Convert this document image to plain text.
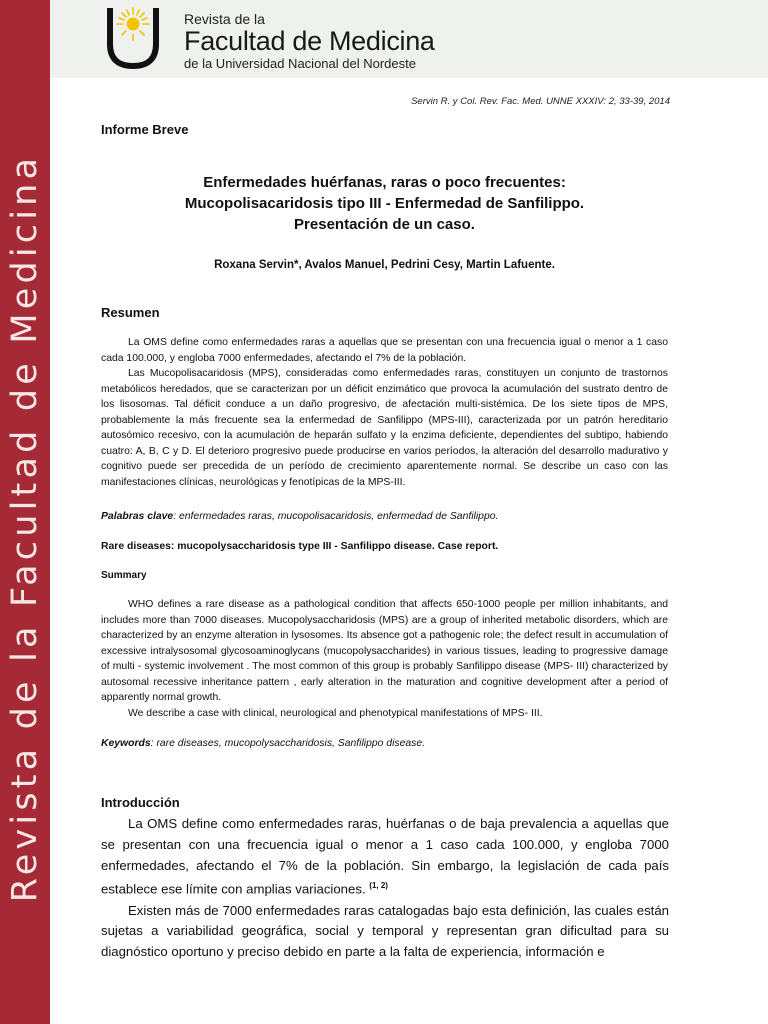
Revista de la Facultad de Medicina
Revista de la
Facultad de Medicina
de la Universidad Nacional del Nordeste
Servin R. y Col. Rev. Fac. Med. UNNE XXXIV: 2, 33-39, 2014
Informe Breve
Enfermedades huérfanas, raras o poco frecuentes:
Mucopolisacaridosis tipo III - Enfermedad de Sanfilippo.
Presentación de un caso.
Roxana Servin*, Avalos Manuel, Pedrini Cesy, Martin Lafuente.
Resumen

La OMS define como enfermedades raras a aquellas que se presentan con una frecuencia igual o menor a 1 caso cada 100.000, y engloba 7000 enfermedades, afectando el 7% de la población.

Las Mucopolisacaridosis (MPS), consideradas como enfermedades raras, constituyen un conjunto de trastornos metabólicos heredados, que se caracterizan por un déficit enzimático que provoca la acumulación del sustrato dentro de los lisosomas. Tal déficit conduce a un daño progresivo, de afectación multi-sistémica. De los siete tipos de MPS, probablemente la más frecuente sea la enfermedad de Sanfilippo (MPS-III), caracterizada por un patrón hereditario autosómico recesivo, con la acumulación de heparán sulfato y la enzima deficiente, dependientes del subtipo, habiendo cuatro: A, B, C y D. El deterioro progresivo puede producirse en varios períodos, la alteración del desarrollo madurativo y cognitivo puede ser precedida de un período de crecimiento aparentemente normal. Se describe un caso con las manifestaciones clínicas, neurológicas y fenotípicas de la MPS-III.

Palabras clave: enfermedades raras, mucopolisacaridosis, enfermedad de Sanfilippo.
Rare diseases: mucopolysaccharidosis type III - Sanfilippo disease. Case report.
Summary

WHO defines a rare disease as a pathological condition that affects 650-1000 people per million inhabitants, and includes more than 7000 diseases. Mucopolysaccharidosis (MPS) are a group of inherited metabolic disorders, which are characterized by an enzyme alteration in lysosomes. Its absence got a pathogenic role; the defect result in accumulation of excessive intralysosomal glycosoaminoglycans (mucopolysaccharides) in various tissues, leading to progressive damage of multi - systemic involvement . The most common of this group is probably Sanfilippo disease (MPS- III) characterized by autosomal recessive inheritance pattern , early alteration in the maturation and cognitive development after a period of apparently normal growth.

We describe a case with clinical, neurological and phenotypical manifestations of MPS- III.

Keywords: rare diseases, mucopolysaccharidosis, Sanfilippo disease.
Introducción

La OMS define como enfermedades raras, huérfanas o de baja prevalencia a aquellas que se presentan con una frecuencia igual o menor a 1 caso cada 100.000, y engloba 7000 enfermedades, afectando el 7% de la población. Sin embargo, la legislación de cada país establece ese límite con amplias variaciones. $^{(1, 2)}$

Existen más de 7000 enfermedades raras catalogadas bajo esta definición, las cuales están sujetas a variabilidad geográfica, social y temporal y representan gran dificultad para su diagnóstico oportuno y preciso debido en parte a la falta de experiencia, información e
